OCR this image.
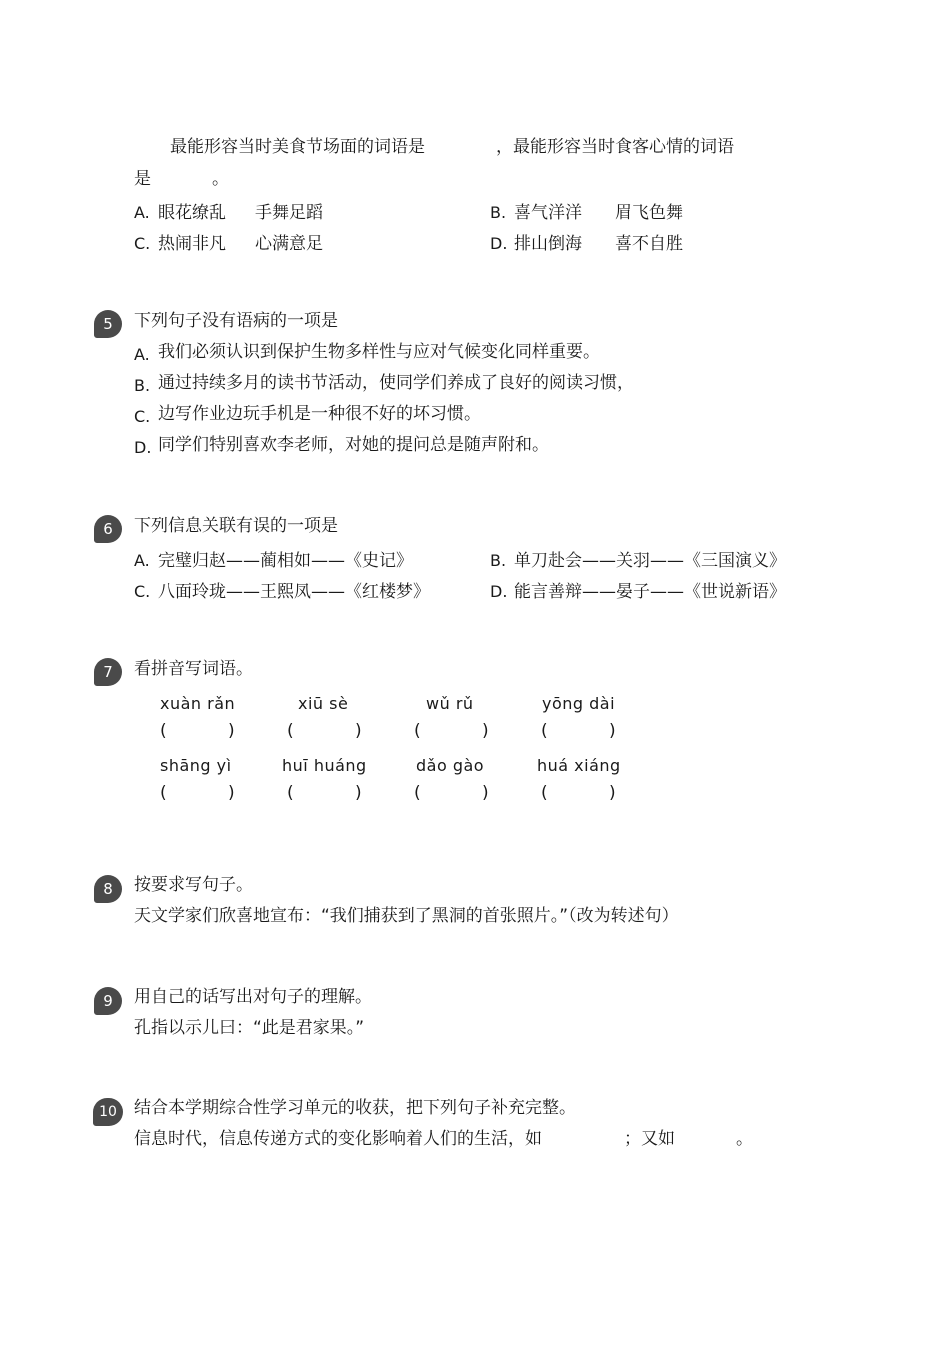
最能形容当时美食节场面的词语是	，最能形容当时食客心情的词语
是	。
A. 眼花缭乱 手舞足蹈	B. 喜气洋洋 眉飞色舞
C. 热闹非凡 心满意足	D. 排山倒海 喜不自胜
5	下列句子没有语病的一项是
A. 我们必须认识到保护生物多样性与应对气候变化同样重要。
B. 通过持续多月的读书节活动，使同学们养成了良好的阅读习惯，
C. 边写作业边玩手机是一种很不好的坏习惯。
D. 同学们特别喜欢李老师，对她的提问总是随声附和。
6	下列信息关联有误的一项是
A. 完璧归赵——蔺相如——《史记》	B. 单刀赴会——关羽——《三国演义》
C. 八面玲珑——王熙凤——《红楼梦》	D. 能言善辩——晏子——《世说新语》
7	看拼音写词语。
xuàn rǎn	xiū sè	wǔ rǔ	yōng dài
(	)	(	)	(	)	(	)
shāng yì	huī huáng	dǎo gào	huá xiáng
(	)	(	)	(	)	(	)
8	按要求写句子。
天文学家们欣喜地宣布：“我们捕获到了黑洞的首张照片。”（改为转述句）
9	用自己的话写出对句子的理解。
孔指以示儿曰：“此是君家果。”
10	结合本学期综合性学习单元的收获，把下列句子补充完整。
信息时代，信息传递方式的变化影响着人们的生活，如	；又如	。
